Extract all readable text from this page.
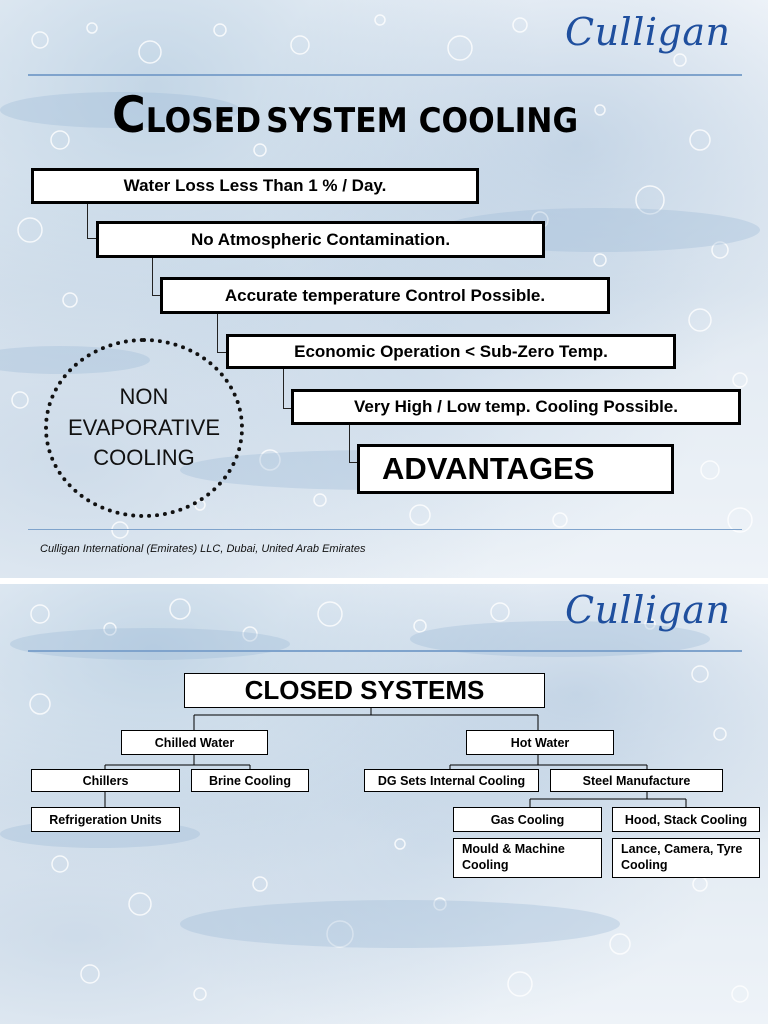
Culligan
CLOSED SYSTEM COOLING
Water Loss Less Than 1 % / Day.
No Atmospheric Contamination.
Accurate temperature Control Possible.
Economic Operation < Sub-Zero Temp.
Very High / Low temp. Cooling Possible.
ADVANTAGES
NON
EVAPORATIVE
COOLING
Culligan International (Emirates) LLC, Dubai, United Arab Emirates
Culligan
CLOSED SYSTEMS
Chilled Water	Hot Water
Chillers	Brine Cooling	DG Sets Internal Cooling	Steel Manufacture
Refrigeration Units	Gas Cooling	Hood, Stack Cooling
Mould & Machine Cooling
Lance, Camera, Tyre Cooling
